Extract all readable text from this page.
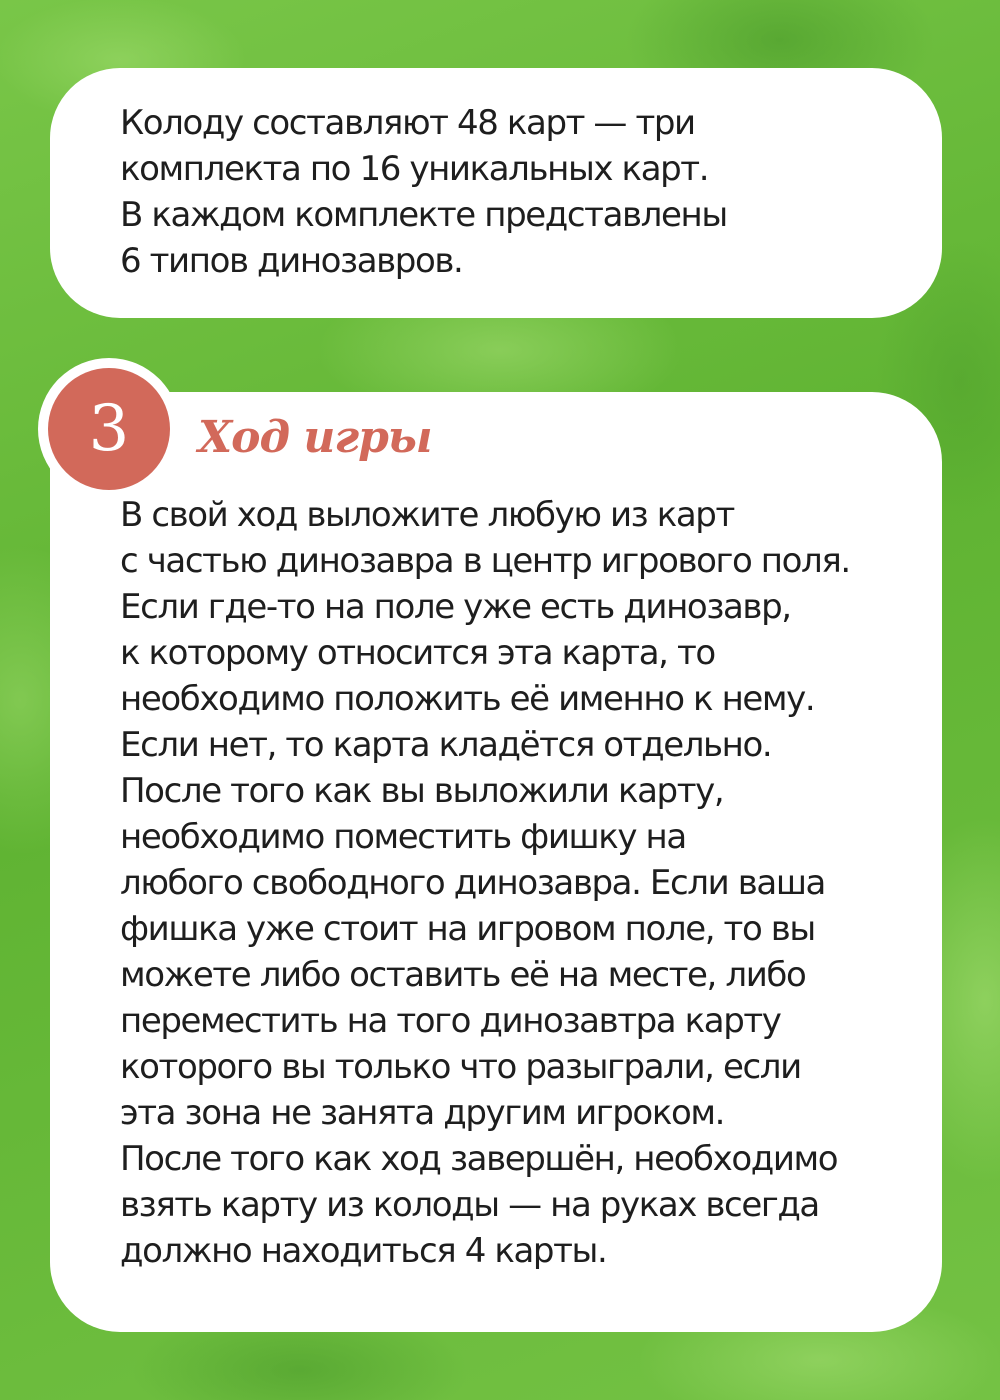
Колоду составляют 48 карт — три
комплекта по 16 уникальных карт.
В каждом комплекте представлены
6 типов динозавров.

В свой ход выложите любую из карт
с частью динозавра в центр игрового поля.
Если где-то на поле уже есть динозавр,
к которому относится эта карта, то
необходимо положить её именно к нему.
Если нет, то карта кладётся отдельно.
После того как вы выложили карту,
необходимо поместить фишку на
любого свободного динозавра. Если ваша
фишка уже стоит на игровом поле, то вы
можете либо оставить её на месте, либо
переместить на того динозавтра карту
которого вы только что разыграли, если
эта зона не занята другим игроком.
После того как ход завершён, необходимо
взять карту из колоды — на руках всегда
должно находиться 4 карты.

3	Ход игры
